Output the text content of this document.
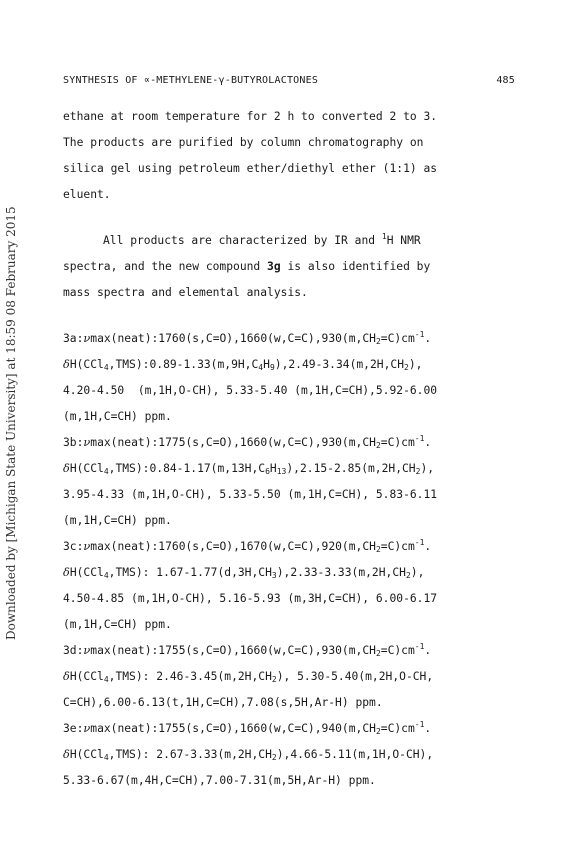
Downloaded by [Michigan State University] at 18:59 08 February 2015
SYNTHESIS OF ∝-METHYLENE-γ-BUTYROLACTONES	485
ethane at room temperature for 2 h to converted 2 to 3.
The products are purified by column chromatography on
silica gel using petroleum ether/diethyl ether (1:1) as
eluent.
All products are characterized by IR and $^1$H NMR
spectra, and the new compound 3g is also identified by
mass spectra and elemental analysis.
$3a:\nu\max(neat):1760(s,C=O),1660(w,C=C),930(m,CH_2=C)cm^{-1}$.
$\delta H(CCl_4,TMS):0.89-1.33(m,9H,C_4H_9),2.49-3.34(m,2H,CH_2)$,
4.20-4.50  (m,1H,O-CH), 5.33-5.40 (m,1H,C=CH),5.92-6.00
(m,1H,C=CH) ppm.
$3b:\nu\max(neat):1775(s,C=O),1660(w,C=C),930(m,CH_2=C)cm^{-1}$.
$\delta H(CCl_4,TMS):0.84-1.17(m,13H,C_6H_{13}),2.15-2.85(m,2H,CH_2)$,
3.95-4.33 (m,1H,O-CH), 5.33-5.50 (m,1H,C=CH), 5.83-6.11
(m,1H,C=CH) ppm.
$3c:\nu\max(neat):1760(s,C=O),1670(w,C=C),920(m,CH_2=C)cm^{-1}$.
δH(CCl$_4$,TMS): $1.67-1.77(d,3H,CH_3),2.33-3.33(m,2H,CH_2)$,
4.50-4.85 (m,1H,O-CH), 5.16-5.93 (m,3H,C=CH), 6.00-6.17
(m,1H,C=CH) ppm.
$3d:\nu\max(neat):1755(s,C=O),1660(w,C=C),930(m,CH_2=C)cm^{-1}$.
δH(CCl$_4$,TMS): $2.46-3.45(m,2H,CH_2)$, 5.30-5.40(m,2H,O-CH,
C=CH),6.00-6.13(t,1H,C=CH),7.08(s,5H,Ar-H) ppm.
$3e:\nu\max(neat):1755(s,C=O),1660(w,C=C),940(m,CH_2=C)cm^{-1}$.
δH(CCl$_4$,TMS): $2.67-3.33(m,2H,CH_2),4.66-5.11(m,1H,O-CH)$,
5.33-6.67(m,4H,C=CH),7.00-7.31(m,5H,Ar-H) ppm.
